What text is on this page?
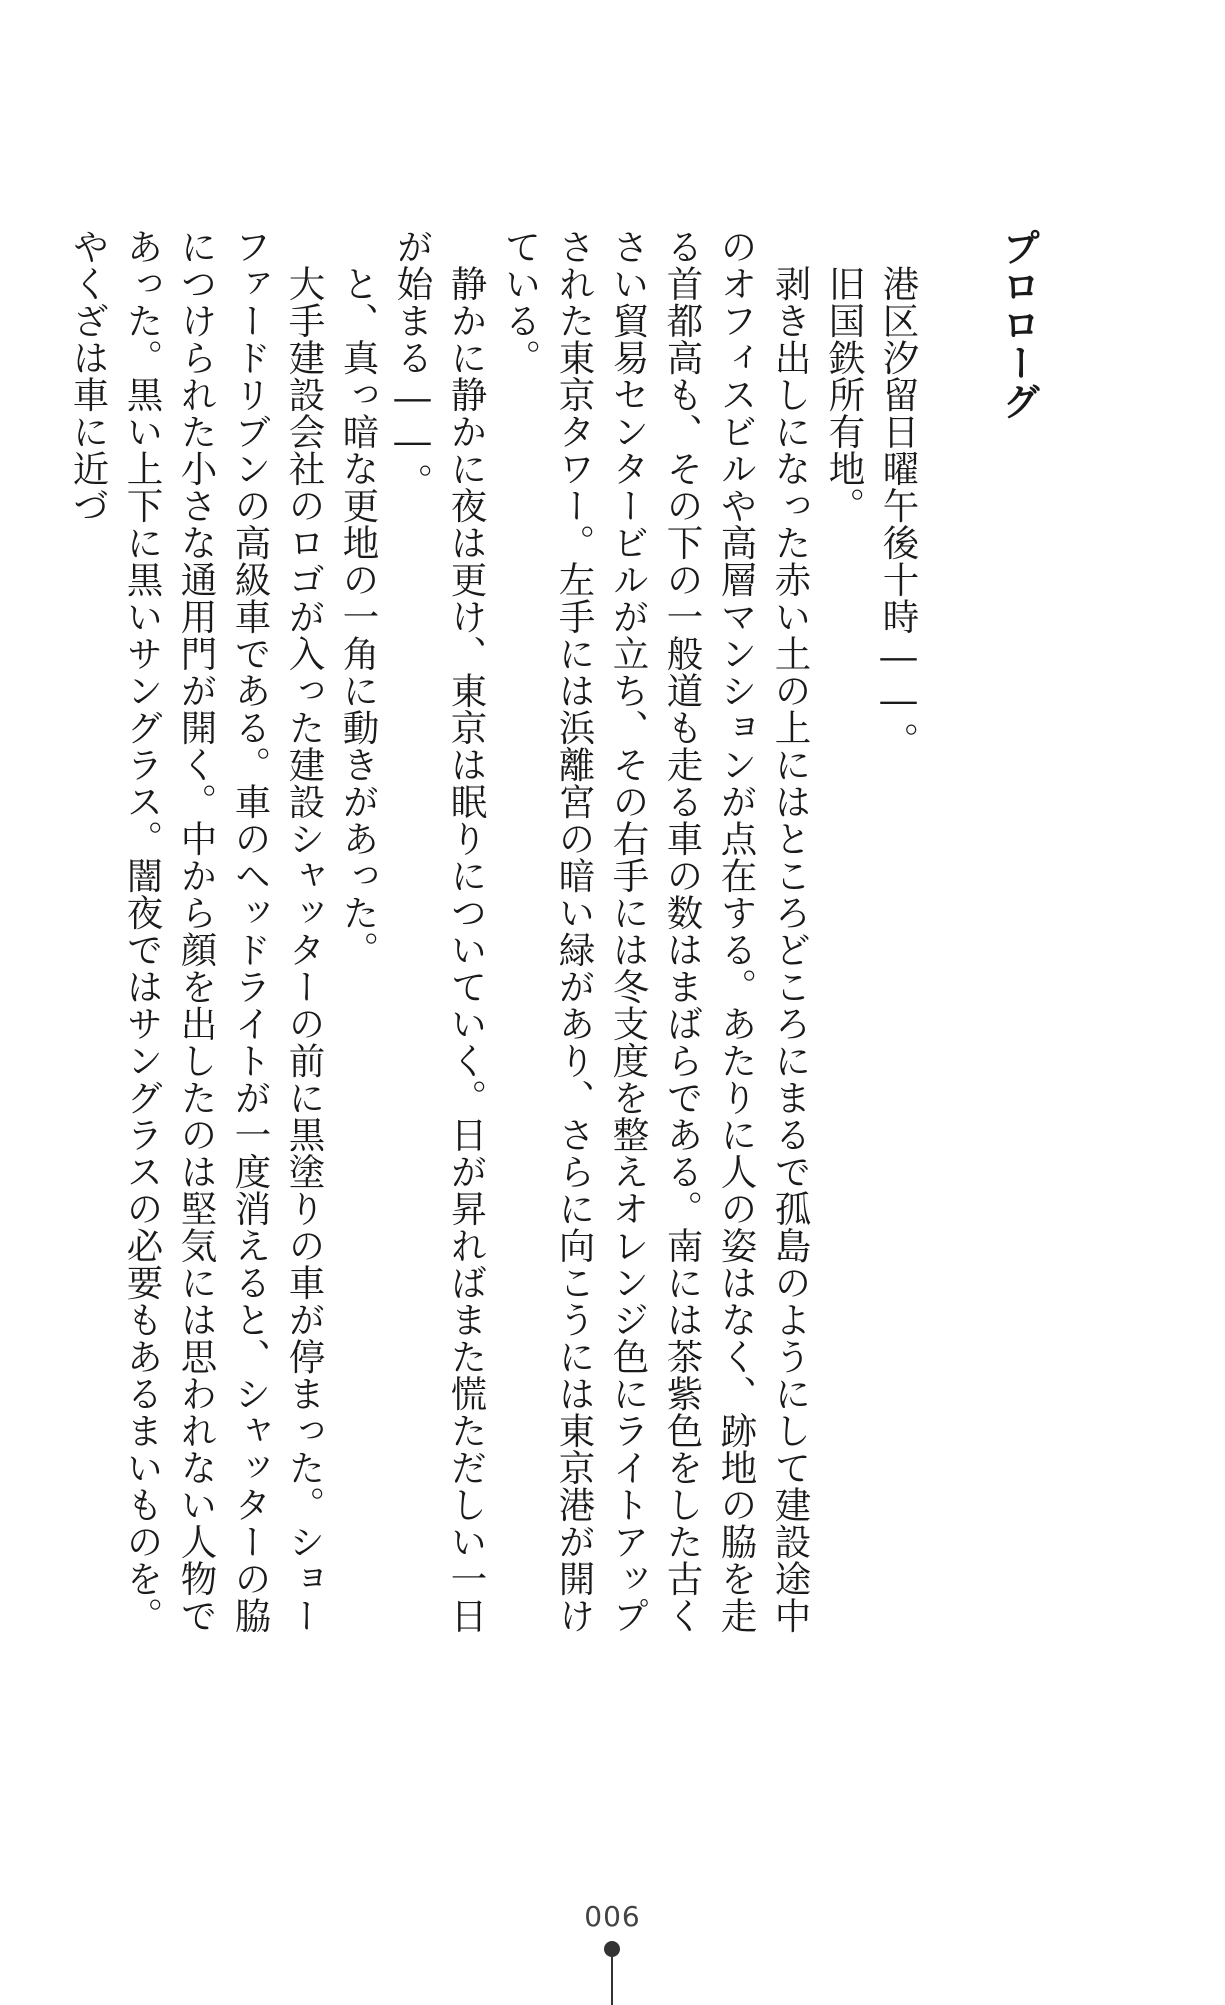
プロローグ
　港区汐留日曜午後十時――。
　旧国鉄所有地。
　剥き出しになった赤い土の上にはところどころにまるで孤島のようにして建設途中のオフィスビルや高層マンションが点在する。あたりに人の姿はなく、跡地の脇を走る首都高も、その下の一般道も走る車の数はまばらである。南には茶紫色をした古くさい貿易センタービルが立ち、その右手には冬支度を整えオレンジ色にライトアップされた東京タワー。左手には浜離宮の暗い緑があり、さらに向こうには東京港が開けている。
　静かに静かに夜は更け、東京は眠りについていく。日が昇ればまた慌ただしい一日が始まる――。
　と、真っ暗な更地の一角に動きがあった。
　大手建設会社のロゴが入った建設シャッターの前に黒塗りの車が停まった。ショーファードリブンの高級車である。車のヘッドライトが一度消えると、シャッターの脇につけられた小さな通用門が開く。中から顔を出したのは堅気には思われない人物であった。黒い上下に黒いサングラス。闇夜ではサングラスの必要もあるまいものを。やくざは車に近づ
006
